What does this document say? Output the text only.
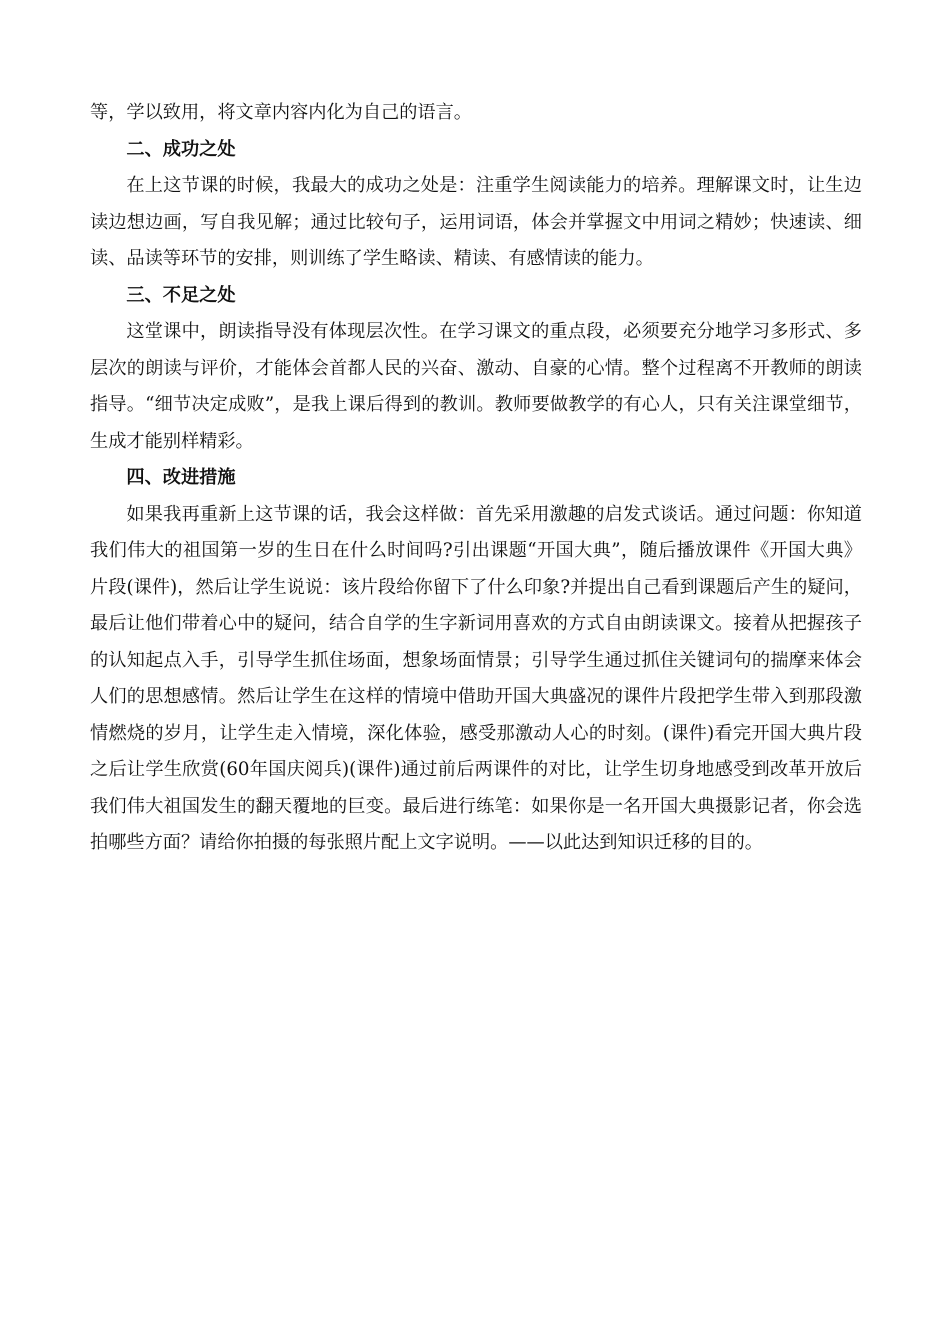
等，学以致用，将文章内容内化为自己的语言。

二、成功之处

在上这节课的时候，我最大的成功之处是：注重学生阅读能力的培养。理解课文时，让生边读边想边画，写自我见解；通过比较句子，运用词语，体会并掌握文中用词之精妙；快速读、细读、品读等环节的安排，则训练了学生略读、精读、有感情读的能力。

三、不足之处

这堂课中，朗读指导没有体现层次性。在学习课文的重点段，必须要充分地学习多形式、多层次的朗读与评价，才能体会首都人民的兴奋、激动、自豪的心情。整个过程离不开教师的朗读指导。“细节决定成败”，是我上课后得到的教训。教师要做教学的有心人，只有关注课堂细节，生成才能别样精彩。

四、改进措施

如果我再重新上这节课的话，我会这样做：首先采用激趣的启发式谈话。通过问题：你知道我们伟大的祖国第一岁的生日在什么时间吗?引出课题“开国大典”，随后播放课件《开国大典》片段(课件)，然后让学生说说：该片段给你留下了什么印象?并提出自己看到课题后产生的疑问，最后让他们带着心中的疑问，结合自学的生字新词用喜欢的方式自由朗读课文。接着从把握孩子的认知起点入手，引导学生抓住场面，想象场面情景；引导学生通过抓住关键词句的揣摩来体会人们的思想感情。然后让学生在这样的情境中借助开国大典盛况的课件片段把学生带入到那段激情燃烧的岁月，让学生走入情境，深化体验，感受那激动人心的时刻。(课件)看完开国大典片段之后让学生欣赏(60年国庆阅兵)(课件)通过前后两课件的对比，让学生切身地感受到改革开放后我们伟大祖国发生的翻天覆地的巨变。最后进行练笔：如果你是一名开国大典摄影记者，你会选拍哪些方面？请给你拍摄的每张照片配上文字说明。——以此达到知识迁移的目的。
